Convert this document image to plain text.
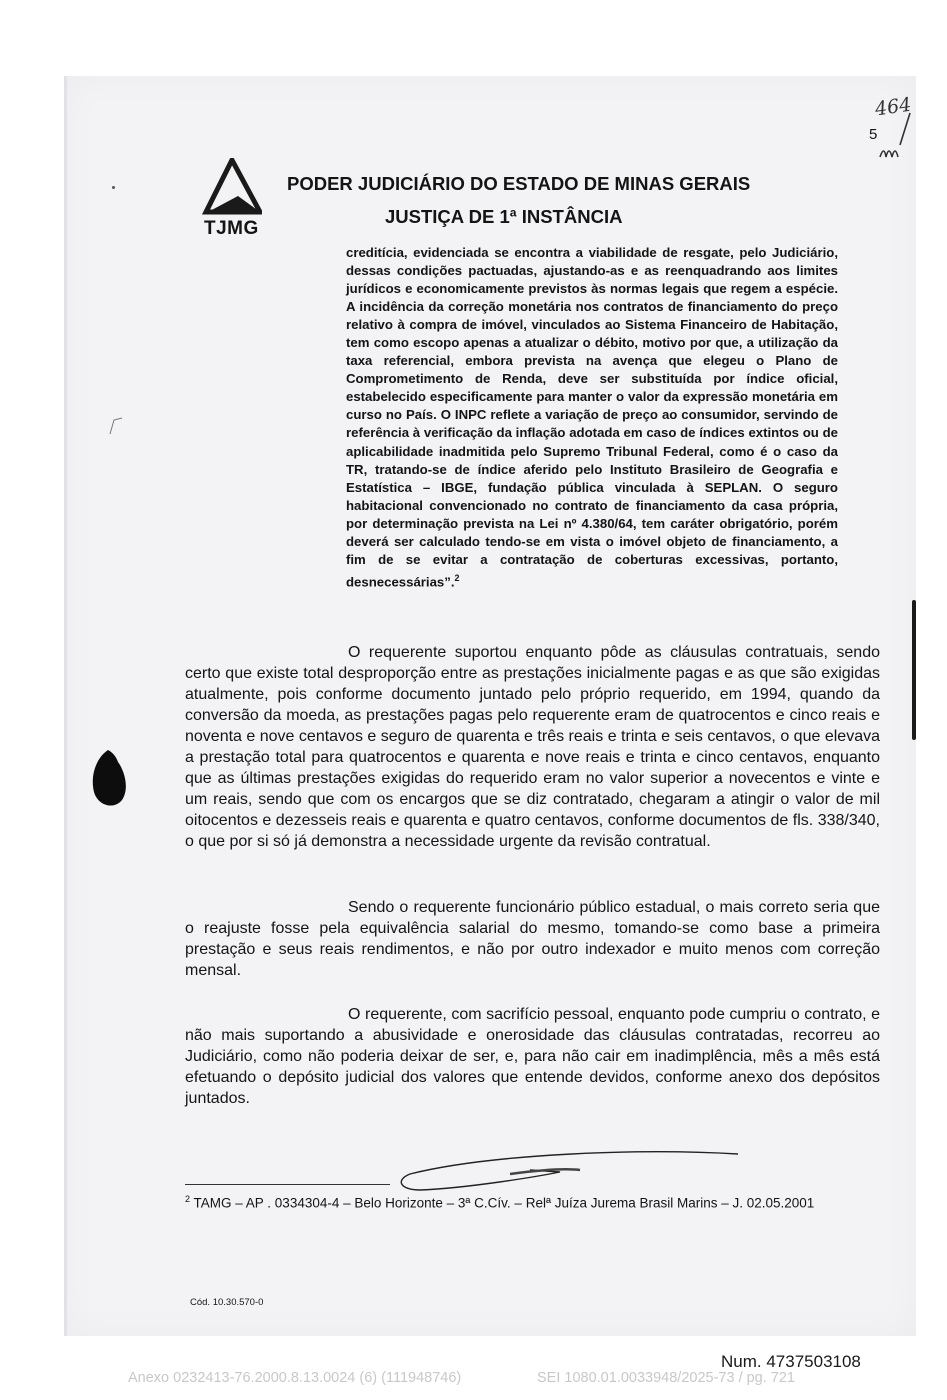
TJMG
PODER JUDICIÁRIO DO ESTADO DE MINAS GERAIS
JUSTIÇA DE 1ª INSTÂNCIA
5
464
creditícia, evidenciada se encontra a viabilidade de resgate, pelo Judiciário, dessas condições pactuadas, ajustando-as e as reenquadrando aos limites jurídicos e economicamente previstos às normas legais que regem a espécie. A incidência da correção monetária nos contratos de financiamento do preço relativo à compra de imóvel, vinculados ao Sistema Financeiro de Habitação, tem como escopo apenas a atualizar o débito, motivo por que, a utilização da taxa referencial, embora prevista na avença que elegeu o Plano de Comprometimento de Renda, deve ser substituída por índice oficial, estabelecido especificamente para manter o valor da expressão monetária em curso no País. O INPC reflete a variação de preço ao consumidor, servindo de referência à verificação da inflação adotada em caso de índices extintos ou de aplicabilidade inadmitida pelo Supremo Tribunal Federal, como é o caso da TR, tratando-se de índice aferido pelo Instituto Brasileiro de Geografia e Estatística – IBGE, fundação pública vinculada à SEPLAN. O seguro habitacional convencionado no contrato de financiamento da casa própria, por determinação prevista na Lei nº 4.380/64, tem caráter obrigatório, porém deverá ser calculado tendo-se em vista o imóvel objeto de financiamento, a fim de se evitar a contratação de coberturas excessivas, portanto, desnecessárias”.$^2$
O requerente suportou enquanto pôde as cláusulas contratuais, sendo certo que existe total desproporção entre as prestações inicialmente pagas e as que são exigidas atualmente, pois conforme documento juntado pelo próprio requerido, em 1994, quando da conversão da moeda, as prestações pagas pelo requerente eram de quatrocentos e cinco reais e noventa e nove centavos e seguro de quarenta e três reais e trinta e seis centavos, o que elevava a prestação total para quatrocentos e quarenta e nove reais e trinta e cinco centavos, enquanto que as últimas prestações exigidas do requerido eram no valor superior a novecentos e vinte e um reais, sendo que com os encargos que se diz contratado, chegaram a atingir o valor de mil oitocentos e dezesseis reais e quarenta e quatro centavos, conforme documentos de fls. 338/340, o que por si só já demonstra a necessidade urgente da revisão contratual.
Sendo o requerente funcionário público estadual, o mais correto seria que o reajuste fosse pela equivalência salarial do mesmo, tomando-se como base a primeira prestação e seus reais rendimentos, e não por outro indexador e muito menos com correção mensal.
O requerente, com sacrifício pessoal, enquanto pode cumpriu o contrato, e não mais suportando a abusividade e onerosidade das cláusulas contratadas, recorreu ao Judiciário, como não poderia deixar de ser, e, para não cair em inadimplência, mês a mês está efetuando o depósito judicial dos valores que entende devidos, conforme anexo dos depósitos juntados.
$^2$ TAMG – AP . 0334304-4 – Belo Horizonte – 3ª C.Cív. – Relª Juíza Jurema Brasil Marins – J. 02.05.2001
Cód. 10.30.570-0
Num. 4737503108
Anexo 0232413-76.2000.8.13.0024 (6) (111948746)	SEI 1080.01.0033948/2025-73 / pg. 721
